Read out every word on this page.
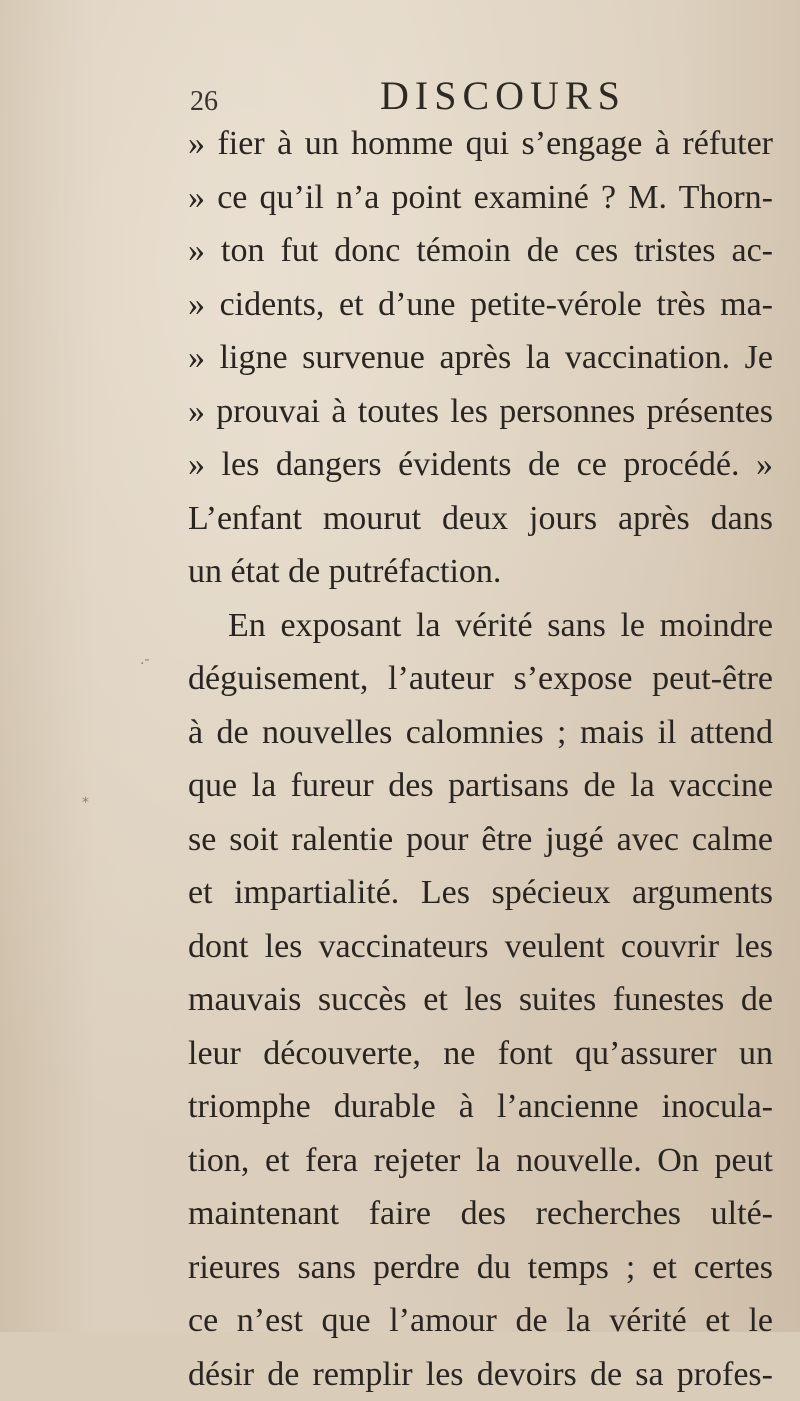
26	DISCOURS
.-
*
» fier à un homme qui s’engage à réfuter
» ce qu’il n’a point examiné ? M. Thorn-
» ton fut donc témoin de ces tristes ac-
» cidents, et d’une petite-vérole très ma-
» ligne survenue après la vaccination. Je
» prouvai à toutes les personnes présentes
» les dangers évidents de ce procédé. »
L’enfant mourut deux jours après dans
un état de putréfaction.
En exposant la vérité sans le moindre
déguisement, l’auteur s’expose peut-être
à de nouvelles calomnies ; mais il attend
que la fureur des partisans de la vaccine
se soit ralentie pour être jugé avec calme
et impartialité. Les spécieux arguments
dont les vaccinateurs veulent couvrir les
mauvais succès et les suites funestes de
leur découverte, ne font qu’assurer un
triomphe durable à l’ancienne inocula-
tion, et fera rejeter la nouvelle. On peut
maintenant faire des recherches ulté-
rieures sans perdre du temps ; et certes
ce n’est que l’amour de la vérité et le
désir de remplir les devoirs de sa profes-
